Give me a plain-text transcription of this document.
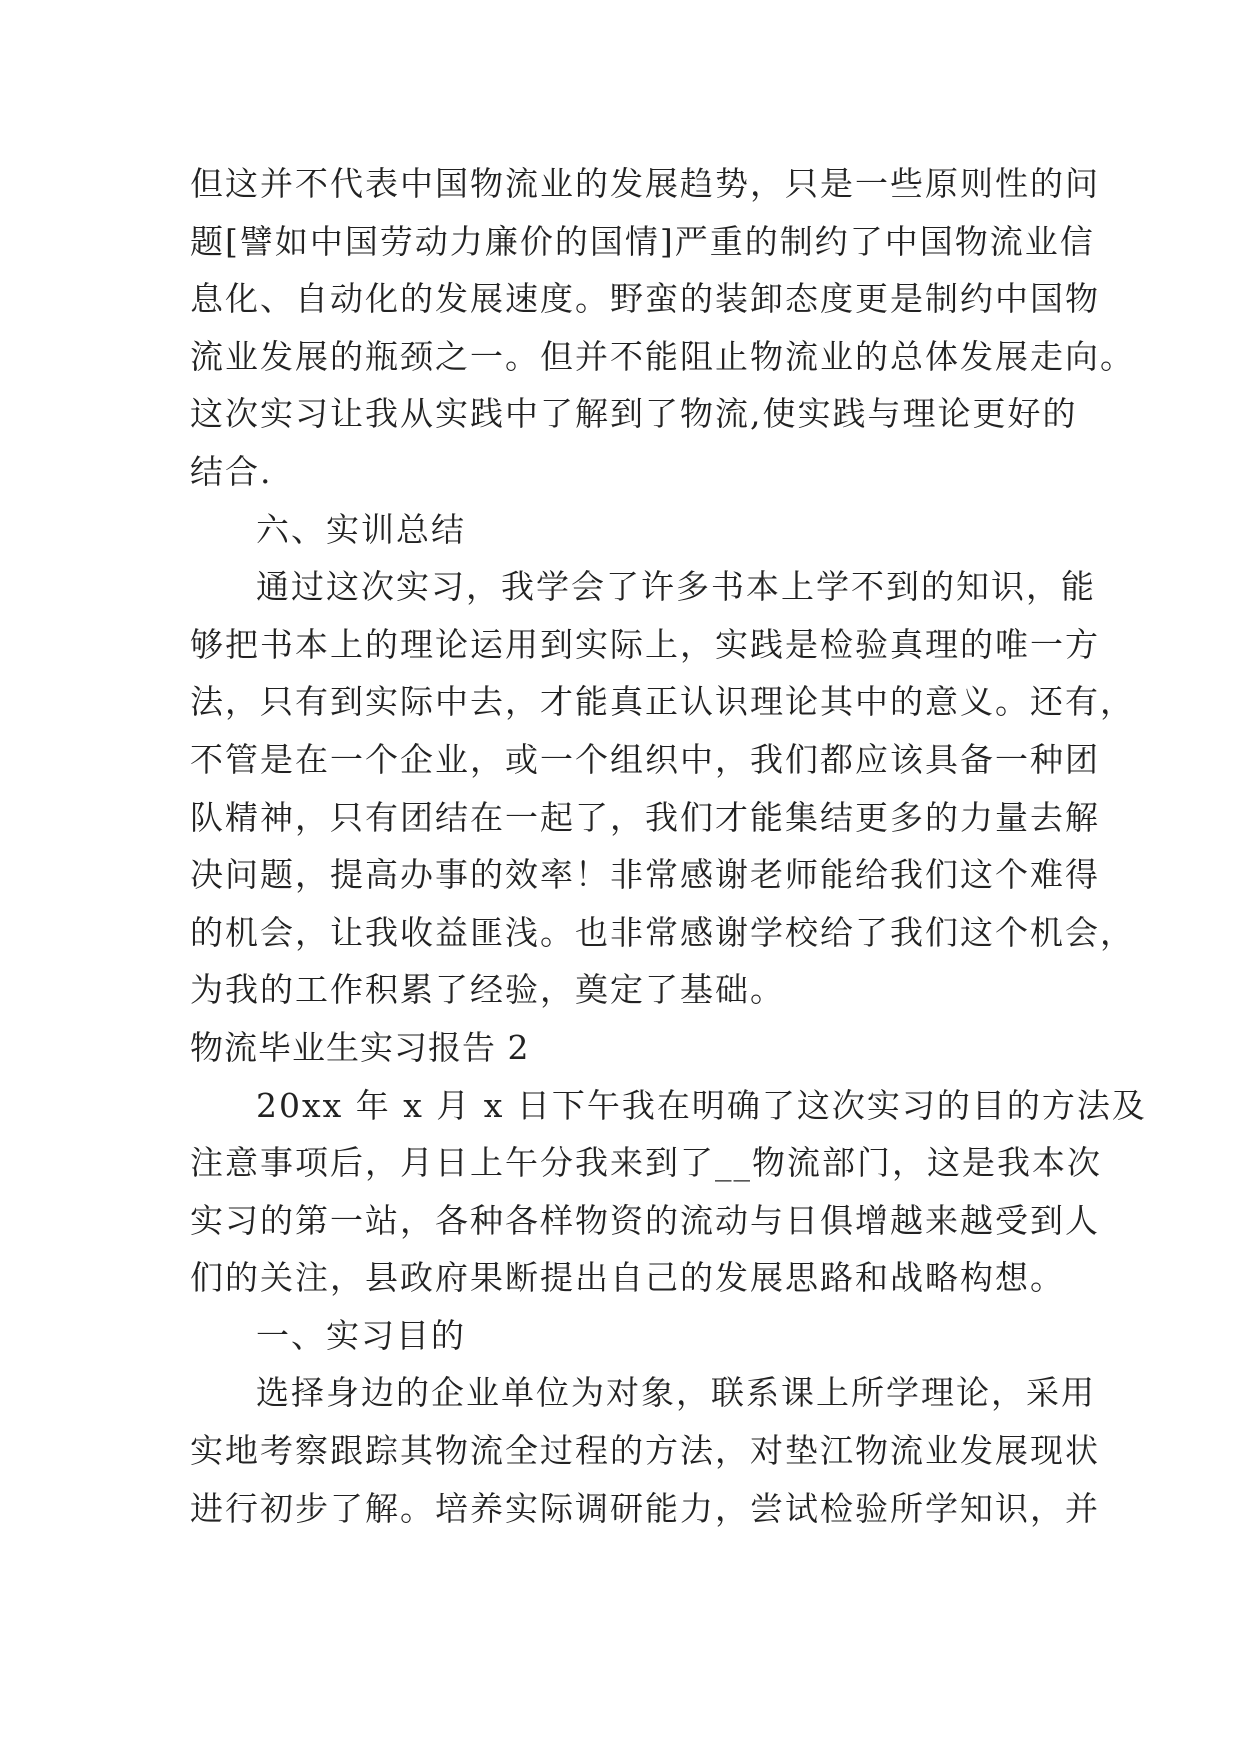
但这并不代表中国物流业的发展趋势，只是一些原则性的问
题[譬如中国劳动力廉价的国情]严重的制约了中国物流业信
息化、自动化的发展速度。野蛮的装卸态度更是制约中国物
流业发展的瓶颈之一。但并不能阻止物流业的总体发展走向。
这次实习让我从实践中了解到了物流,使实践与理论更好的
结合.
六、实训总结
通过这次实习，我学会了许多书本上学不到的知识，能
够把书本上的理论运用到实际上，实践是检验真理的唯一方
法，只有到实际中去，才能真正认识理论其中的意义。还有，
不管是在一个企业，或一个组织中，我们都应该具备一种团
队精神，只有团结在一起了，我们才能集结更多的力量去解
决问题，提高办事的效率！非常感谢老师能给我们这个难得
的机会，让我收益匪浅。也非常感谢学校给了我们这个机会，
为我的工作积累了经验，奠定了基础。
物流毕业生实习报告 2
20xx 年 x 月 x 日下午我在明确了这次实习的目的方法及
注意事项后，月日上午分我来到了__物流部门，这是我本次
实习的第一站，各种各样物资的流动与日俱增越来越受到人
们的关注，县政府果断提出自己的发展思路和战略构想。
一、实习目的
选择身边的企业单位为对象，联系课上所学理论，采用
实地考察跟踪其物流全过程的方法，对垫江物流业发展现状
进行初步了解。培养实际调研能力，尝试检验所学知识，并
